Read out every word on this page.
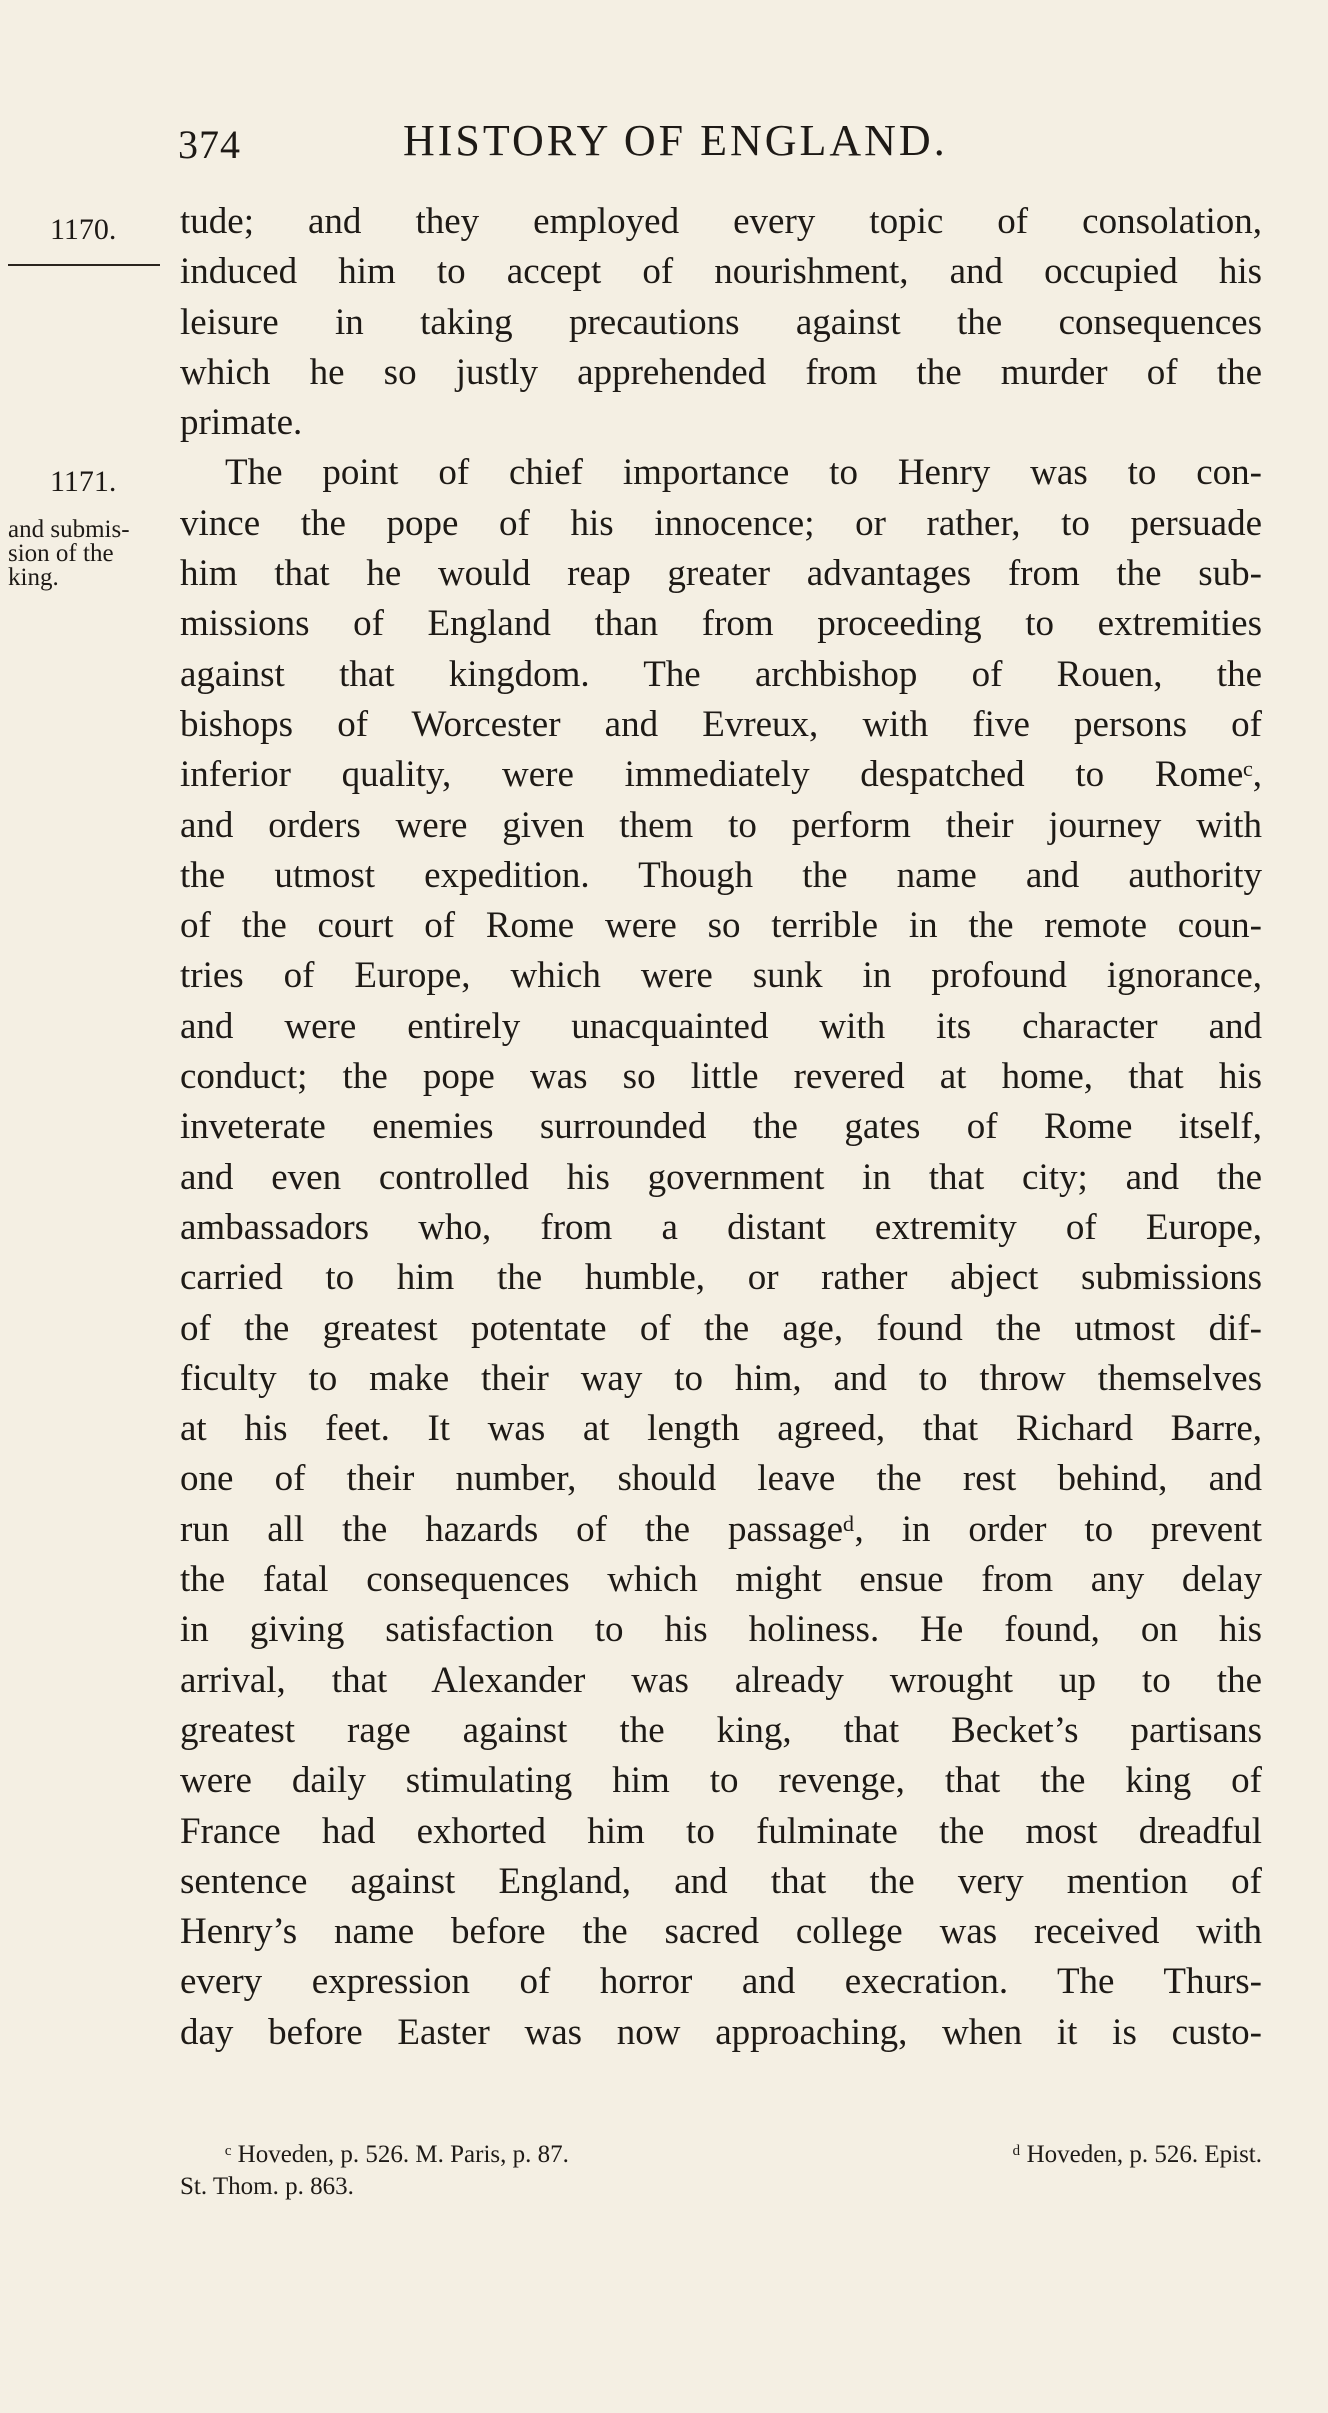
374	HISTORY OF ENGLAND.
1170.
1171.
and submis-
sion of the
king.
tude; and they employed every topic of consolation,
induced him to accept of nourishment, and occupied his
leisure in taking precautions against the consequences
which he so justly apprehended from the murder of the
primate.
The point of chief importance to Henry was to con-
vince the pope of his innocence; or rather, to persuade
him that he would reap greater advantages from the sub-
missions of England than from proceeding to extremities
against that kingdom. The archbishop of Rouen, the
bishops of Worcester and Evreux, with five persons of
inferior quality, were immediately despatched to Romeᶜ,
and orders were given them to perform their journey with
the utmost expedition. Though the name and authority
of the court of Rome were so terrible in the remote coun-
tries of Europe, which were sunk in profound ignorance,
and were entirely unacquainted with its character and
conduct; the pope was so little revered at home, that his
inveterate enemies surrounded the gates of Rome itself,
and even controlled his government in that city; and the
ambassadors who, from a distant extremity of Europe,
carried to him the humble, or rather abject submissions
of the greatest potentate of the age, found the utmost dif-
ficulty to make their way to him, and to throw themselves
at his feet. It was at length agreed, that Richard Barre,
one of their number, should leave the rest behind, and
run all the hazards of the passageᵈ, in order to prevent
the fatal consequences which might ensue from any delay
in giving satisfaction to his holiness. He found, on his
arrival, that Alexander was already wrought up to the
greatest rage against the king, that Becket’s partisans
were daily stimulating him to revenge, that the king of
France had exhorted him to fulminate the most dreadful
sentence against England, and that the very mention of
Henry’s name before the sacred college was received with
every expression of horror and execration. The Thurs-
day before Easter was now approaching, when it is custo-
ᶜ Hoveden, p. 526. M. Paris, p. 87.	ᵈ Hoveden, p. 526. Epist.
St. Thom. p. 863.
